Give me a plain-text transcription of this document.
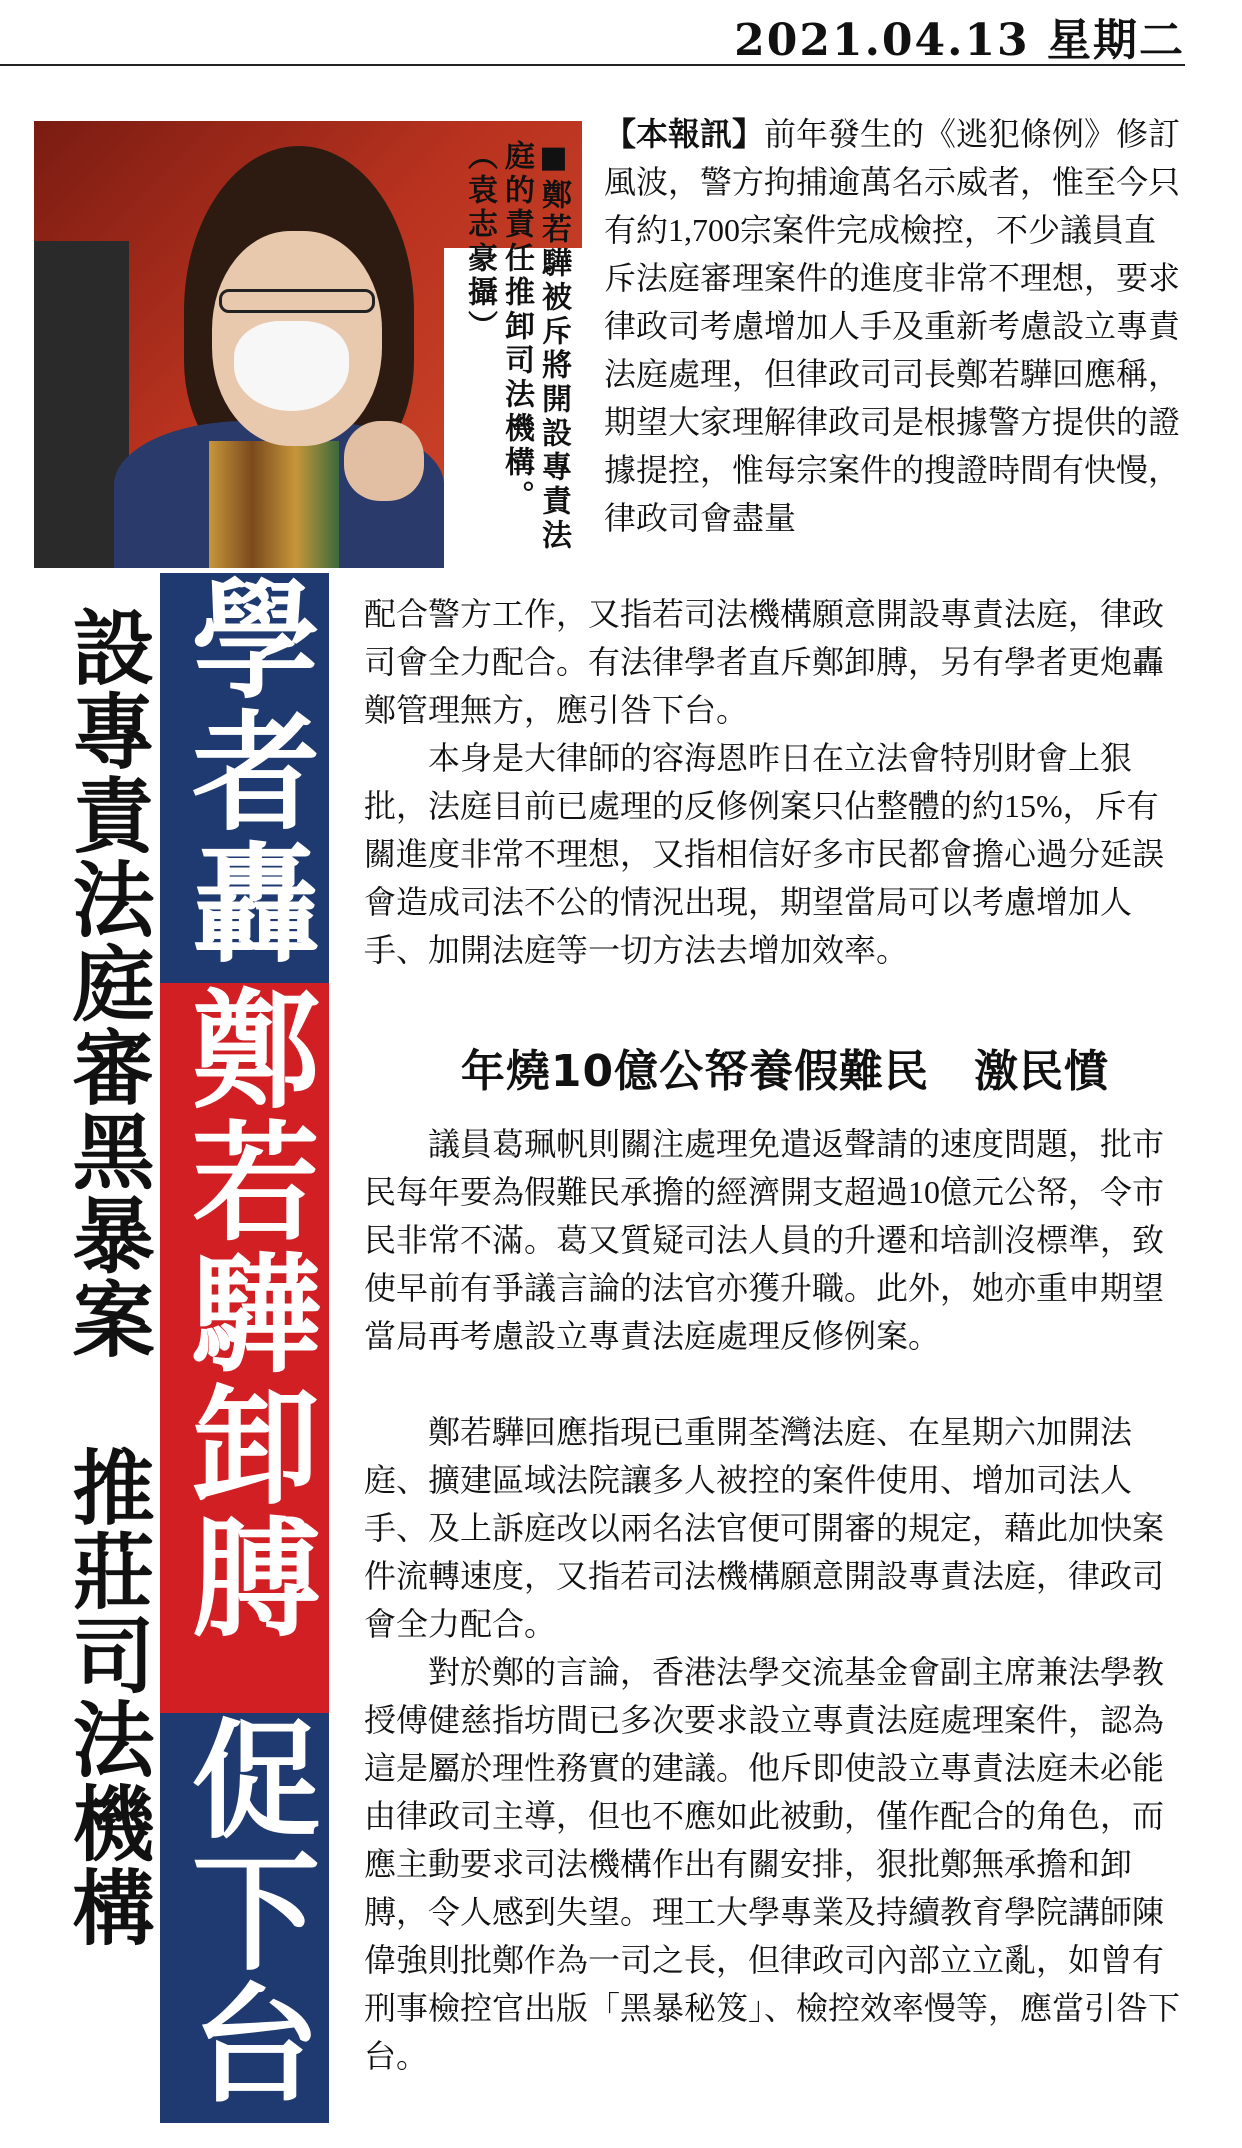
2021.04.13 星期二
■鄭若驊被斥將開設專責法庭的責任推卸司法機構。（袁志豪攝）
設專責法庭審黑暴案　推莊司法機構 學者轟
鄭若驊卸膊
促下台

【本報訊】前年發生的《逃犯條例》修訂風波，警方拘捕逾萬名示威者，惟至今只有約1,700宗案件完成檢控，不少議員直斥法庭審理案件的進度非常不理想，要求律政司考慮增加人手及重新考慮設立專責法庭處理，但律政司司長鄭若驊回應稱，期望大家理解律政司是根據警方提供的證據提控，惟每宗案件的搜證時間有快慢，律政司會盡量

配合警方工作，又指若司法機構願意開設專責法庭，律政司會全力配合。有法律學者直斥鄭卸膊，另有學者更炮轟鄭管理無方，應引咎下台。

本身是大律師的容海恩昨日在立法會特別財會上狠批，法庭目前已處理的反修例案只佔整體的約15%，斥有關進度非常不理想，又指相信好多市民都會擔心過分延誤會造成司法不公的情況出現，期望當局可以考慮增加人手、加開法庭等一切方法去增加效率。

年燒10億公帑養假難民　激民憤

議員葛珮帆則關注處理免遣返聲請的速度問題，批市民每年要為假難民承擔的經濟開支超過10億元公帑，令市民非常不滿。葛又質疑司法人員的升遷和培訓沒標準，致使早前有爭議言論的法官亦獲升職。此外，她亦重申期望當局再考慮設立專責法庭處理反修例案。

鄭若驊回應指現已重開荃灣法庭、在星期六加開法庭、擴建區域法院讓多人被控的案件使用、增加司法人手、及上訴庭改以兩名法官便可開審的規定，藉此加快案件流轉速度，又指若司法機構願意開設專責法庭，律政司會全力配合。

對於鄭的言論，香港法學交流基金會副主席兼法學教授傅健慈指坊間已多次要求設立專責法庭處理案件，認為這是屬於理性務實的建議。他斥即使設立專責法庭未必能由律政司主導，但也不應如此被動，僅作配合的角色，而應主動要求司法機構作出有關安排，狠批鄭無承擔和卸膊，令人感到失望。理工大學專業及持續教育學院講師陳偉強則批鄭作為一司之長，但律政司內部立立亂，如曾有刑事檢控官出版「黑暴秘笈」、檢控效率慢等，應當引咎下台。
